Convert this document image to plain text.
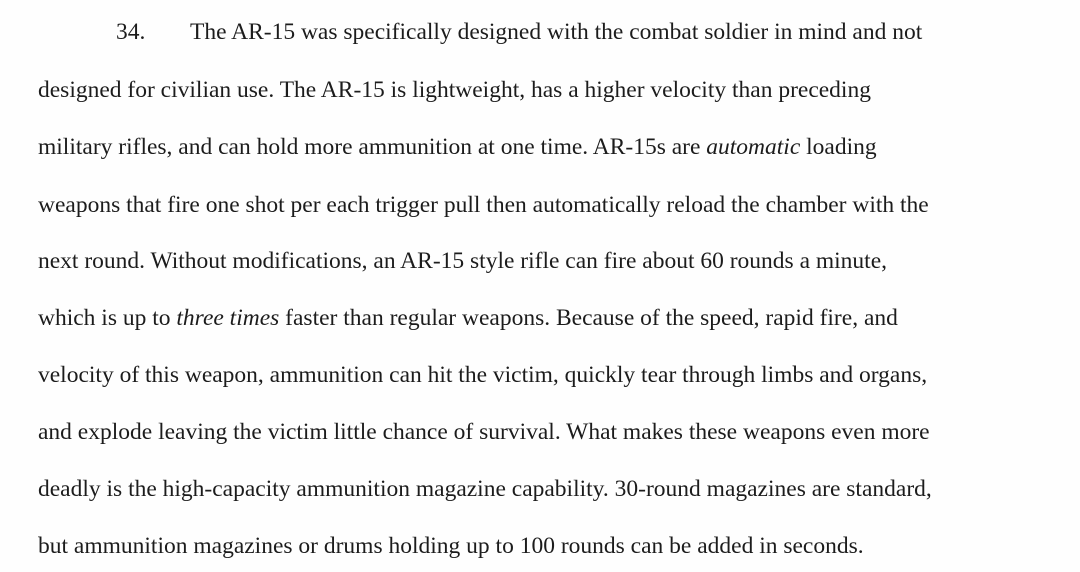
34. The AR-15 was specifically designed with the combat soldier in mind and not
designed for civilian use. The AR-15 is lightweight, has a higher velocity than preceding
military rifles, and can hold more ammunition at one time. AR-15s are automatic loading
weapons that fire one shot per each trigger pull then automatically reload the chamber with the
next round. Without modifications, an AR-15 style rifle can fire about 60 rounds a minute,
which is up to three times faster than regular weapons. Because of the speed, rapid fire, and
velocity of this weapon, ammunition can hit the victim, quickly tear through limbs and organs,
and explode leaving the victim little chance of survival. What makes these weapons even more
deadly is the high-capacity ammunition magazine capability. 30-round magazines are standard,
but ammunition magazines or drums holding up to 100 rounds can be added in seconds.
